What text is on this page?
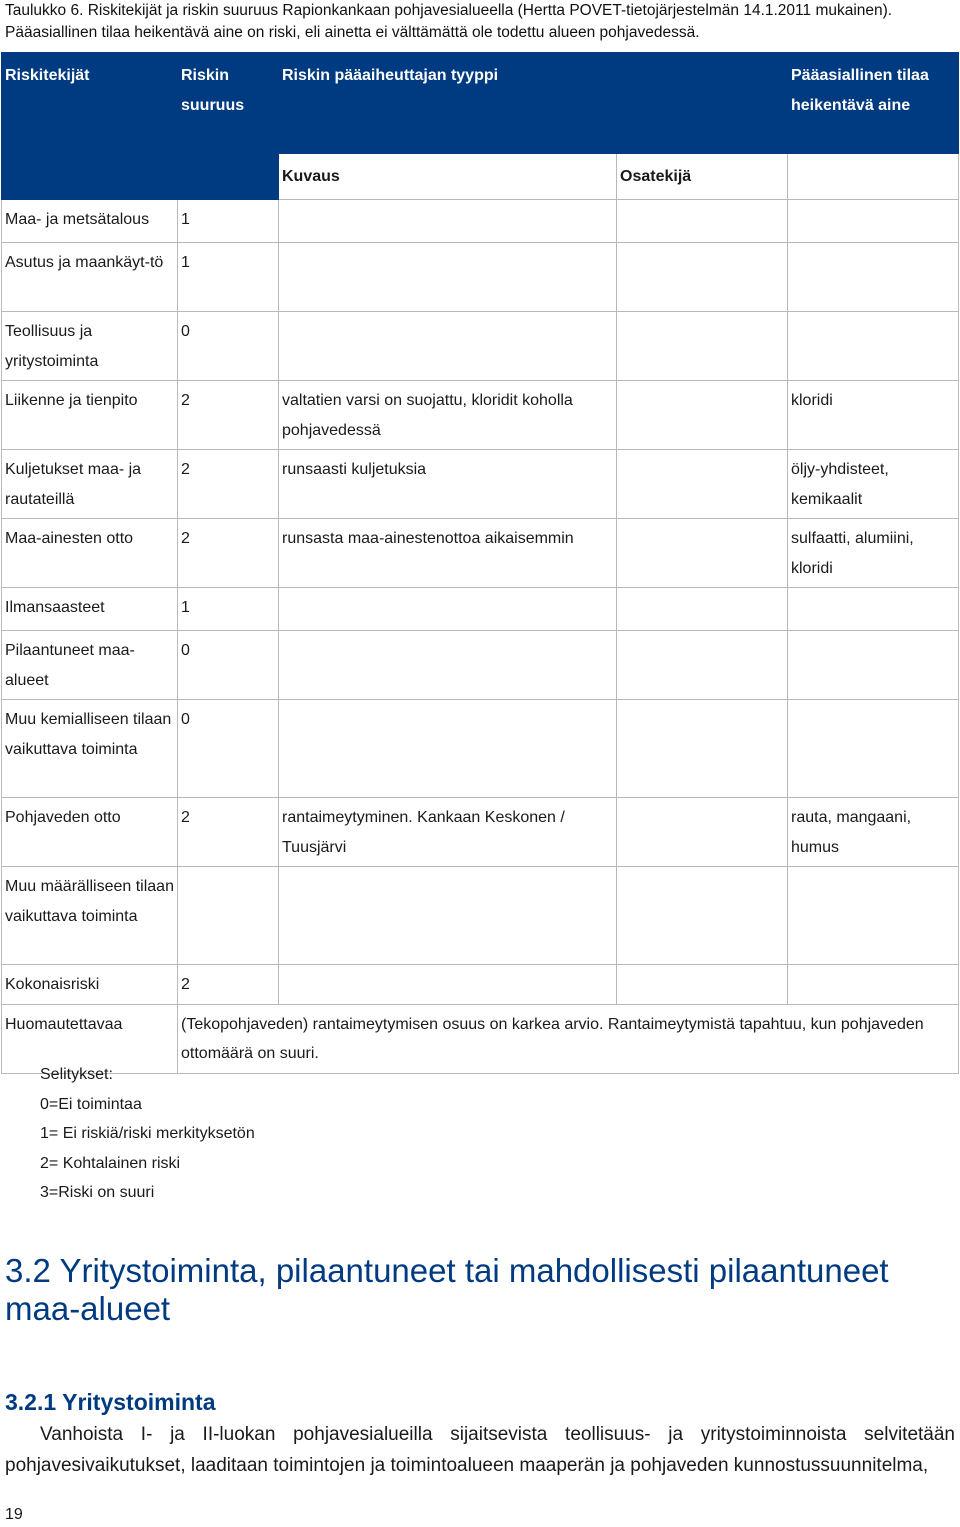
Taulukko 6. Riskitekijät ja riskin suuruus Rapionkankaan pohjavesialueella (Hertta POVET-tietojärjestelmän 14.1.2011 mukainen).
Pääasiallinen tilaa heikentävä aine on riski, eli ainetta ei välttämättä ole todettu alueen pohjavedessä.
Riskitekijät	Riskin suuruus	Riskin pääaiheuttajan tyyppi		Pääasiallinen tilaa heikentävä aine
		Kuvaus	Osatekijä	
Maa- ja metsätalous	1			
Asutus ja maankäyt-tö	1			
Teollisuus ja yritystoiminta	0			
Liikenne ja tienpito	2	valtatien varsi on suojattu, kloridit koholla pohjavedessä		kloridi
Kuljetukset maa- ja rautateillä	2	runsaasti kuljetuksia		öljy-yhdisteet, kemikaalit
Maa-ainesten otto	2	runsasta maa-ainestenottoa aikaisemmin		sulfaatti, alumiini, kloridi
Ilmansaasteet	1			
Pilaantuneet maa-alueet	0			
Muu kemialliseen tilaan vaikuttava toiminta	0			
Pohjaveden otto	2	rantaimeytyminen. Kankaan Keskonen / Tuusjärvi		rauta, mangaani, humus
Muu määrälliseen tilaan vaikuttava toiminta				
Kokonaisriski	2			
Huomautettavaa	(Tekopohjaveden) rantaimeytymisen osuus on karkea arvio. Rantaimeytymistä tapahtuu, kun pohjaveden ottomäärä on suuri.			
Selitykset:
0=Ei toimintaa
1= Ei riskiä/riski merkityksetön
2= Kohtalainen riski
3=Riski on suuri
3.2 Yritystoiminta, pilaantuneet tai mahdollisesti pilaantuneet maa-alueet
3.2.1 Yritystoiminta
Vanhoista I- ja II-luokan pohjavesialueilla sijaitsevista teollisuus- ja yritystoiminnoista selvitetään pohjavesivaikutukset, laaditaan toimintojen ja toimintoalueen maaperän ja pohjaveden kunnostussuunnitelma,
19
